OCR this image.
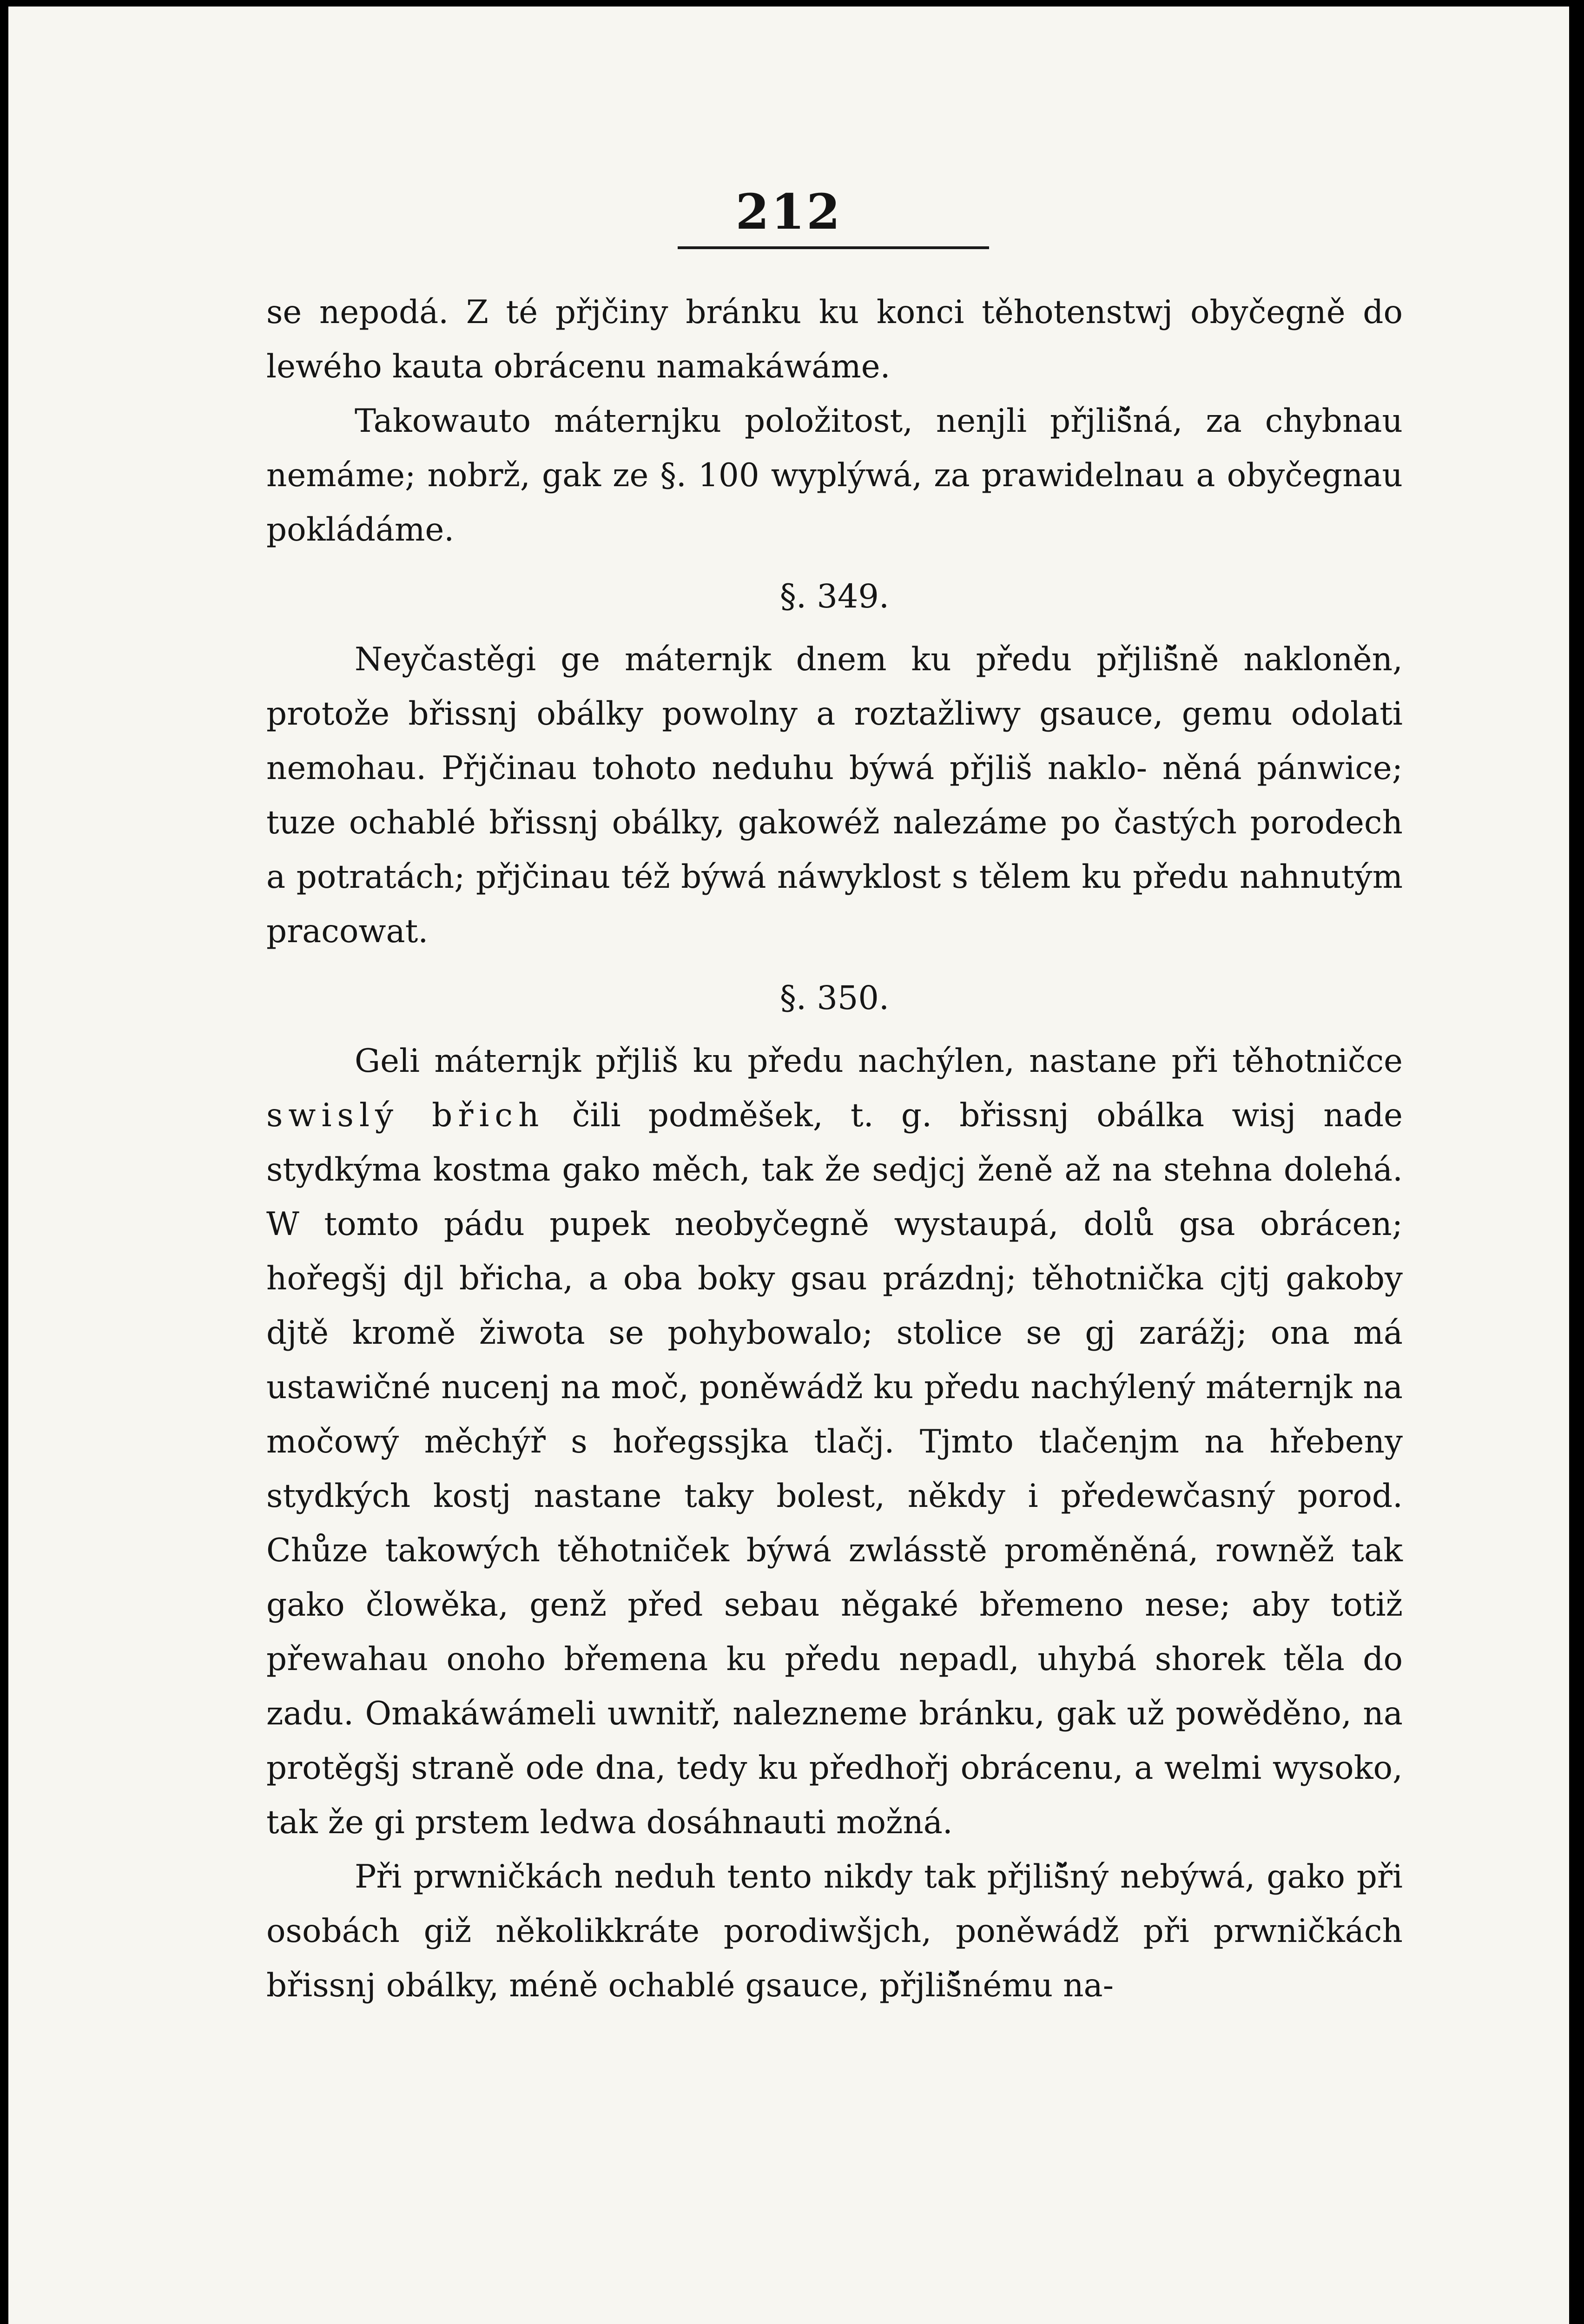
212

se nepodá. Z té přjčiny bránku ku konci těhotenstwj obyčegně do lewého kauta obrácenu namakáwáme.

Takowauto máternjku položitost, nenjli přjliš̃ná, za chybnau nemáme; nobrž, gak ze §. 100 wyplýwá, za prawidelnau a obyčegnau pokládáme.

§. 349.

Neyčastěgi ge máternjk dnem ku předu přjliš̃ně nakloněn, protože břissnj obálky powolny a roztažliwy gsauce, gemu odolati nemohau. Přjčinau tohoto neduhu býwá přjliš naklo- něná pánwice; tuze ochablé břissnj obálky, gakowéž nalezáme po častých porodech a potratách; přjčinau též býwá náwyklost s tělem ku předu nahnutým pracowat.

§. 350.

Geli máternjk přjliš ku předu nachýlen, nastane při těhotničce swislý břich čili podměšek, t. g. břissnj obálka wisj nade stydkýma kostma gako měch, tak že sedjcj ženě až na stehna dolehá. W tomto pádu pupek neobyčegně wystaupá, dolů gsa obrácen; hořegšj djl břicha, a oba boky gsau prázdnj; těhotnička cjtj gakoby djtě kromě žiwota se pohybowalo; stolice se gj zarážj; ona má ustawičné nucenj na moč, poněwádž ku předu nachýlený máternjk na močowý měchýř s hořegssjka tlačj. Tjmto tlačenjm na hřebeny stydkých kostj nastane taky bolest, někdy i předewčasný porod. Chůze takowých těhotniček býwá zwlásstě proměněná, rowněž tak gako člowěka, genž před sebau něgaké břemeno nese; aby totiž přewahau onoho břemena ku předu nepadl, uhybá shorek těla do zadu. Omakáwámeli uwnitř, nalezneme bránku, gak už powěděno, na protěgšj straně ode dna, tedy ku předhořj obrácenu, a welmi wysoko, tak že gi prstem ledwa dosáhnauti možná.

Při prwničkách neduh tento nikdy tak přjliš̃ný nebýwá, gako při osobách giž několikkráte porodiwšjch, poněwádž při prwničkách břissnj obálky, méně ochablé gsauce, přjliš̃nému na-
